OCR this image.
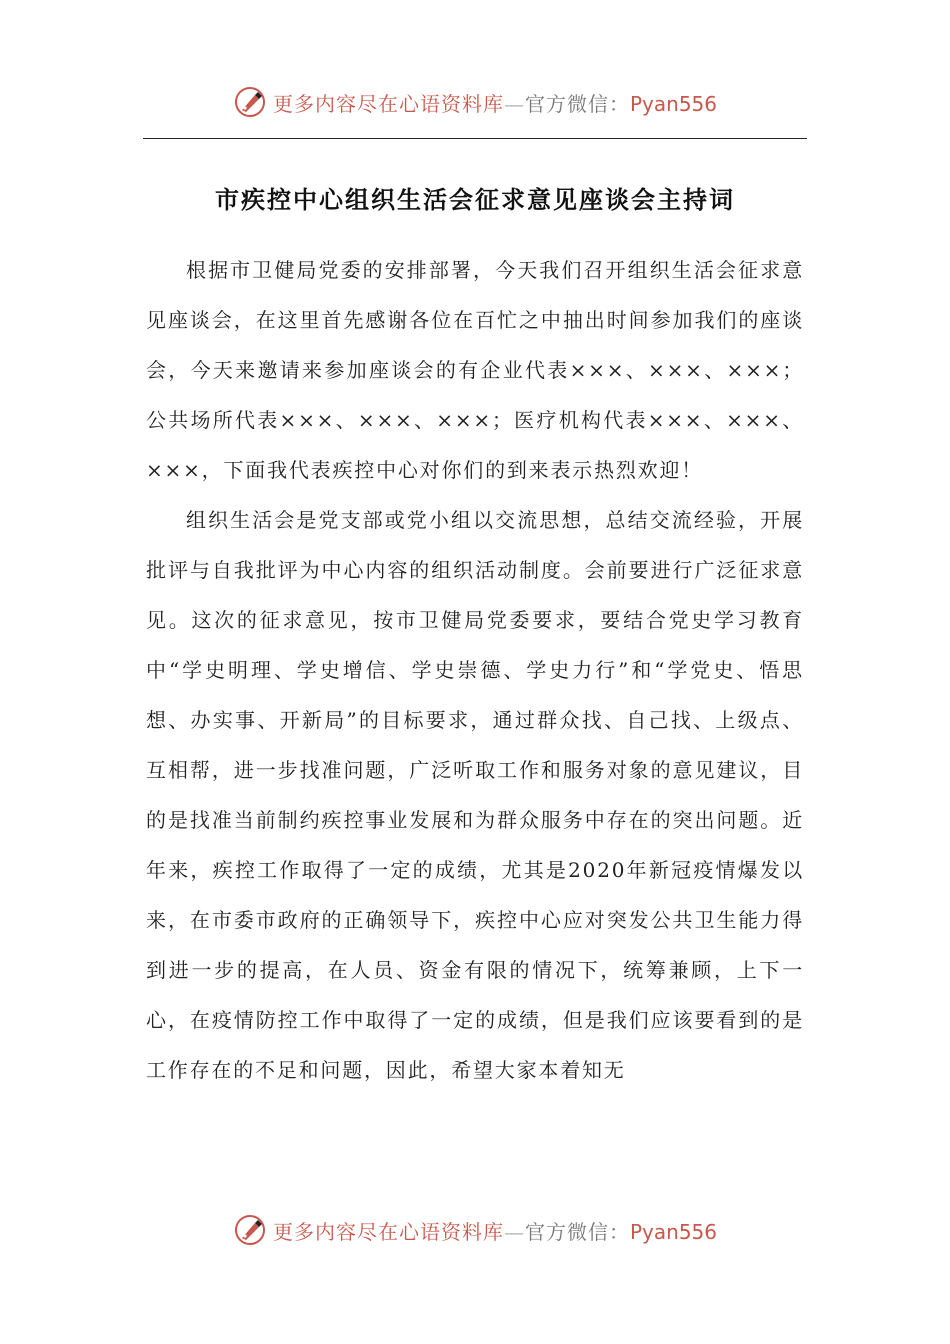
更多内容尽在心语资料库—官方微信：Pyan556
市疾控中心组织生活会征求意见座谈会主持词

根据市卫健局党委的安排部署，今天我们召开组织生活会征求意见座谈会，在这里首先感谢各位在百忙之中抽出时间参加我们的座谈会，今天来邀请来参加座谈会的有企业代表×××、×××、×××；公共场所代表×××、×××、×××；医疗机构代表×××、×××、×××，下面我代表疾控中心对你们的到来表示热烈欢迎！

组织生活会是党支部或党小组以交流思想，总结交流经验，开展批评与自我批评为中心内容的组织活动制度。会前要进行广泛征求意见。这次的征求意见，按市卫健局党委要求，要结合党史学习教育中“学史明理、学史增信、学史崇德、学史力行”和“学党史、悟思想、办实事、开新局”的目标要求，通过群众找、自己找、上级点、互相帮，进一步找准问题，广泛听取工作和服务对象的意见建议，目的是找准当前制约疾控事业发展和为群众服务中存在的突出问题。近年来，疾控工作取得了一定的成绩，尤其是2020年新冠疫情爆发以来，在市委市政府的正确领导下，疾控中心应对突发公共卫生能力得到进一步的提高，在人员、资金有限的情况下，统筹兼顾，上下一心，在疫情防控工作中取得了一定的成绩，但是我们应该要看到的是工作存在的不足和问题，因此，希望大家本着知无

更多内容尽在心语资料库—官方微信：Pyan556
